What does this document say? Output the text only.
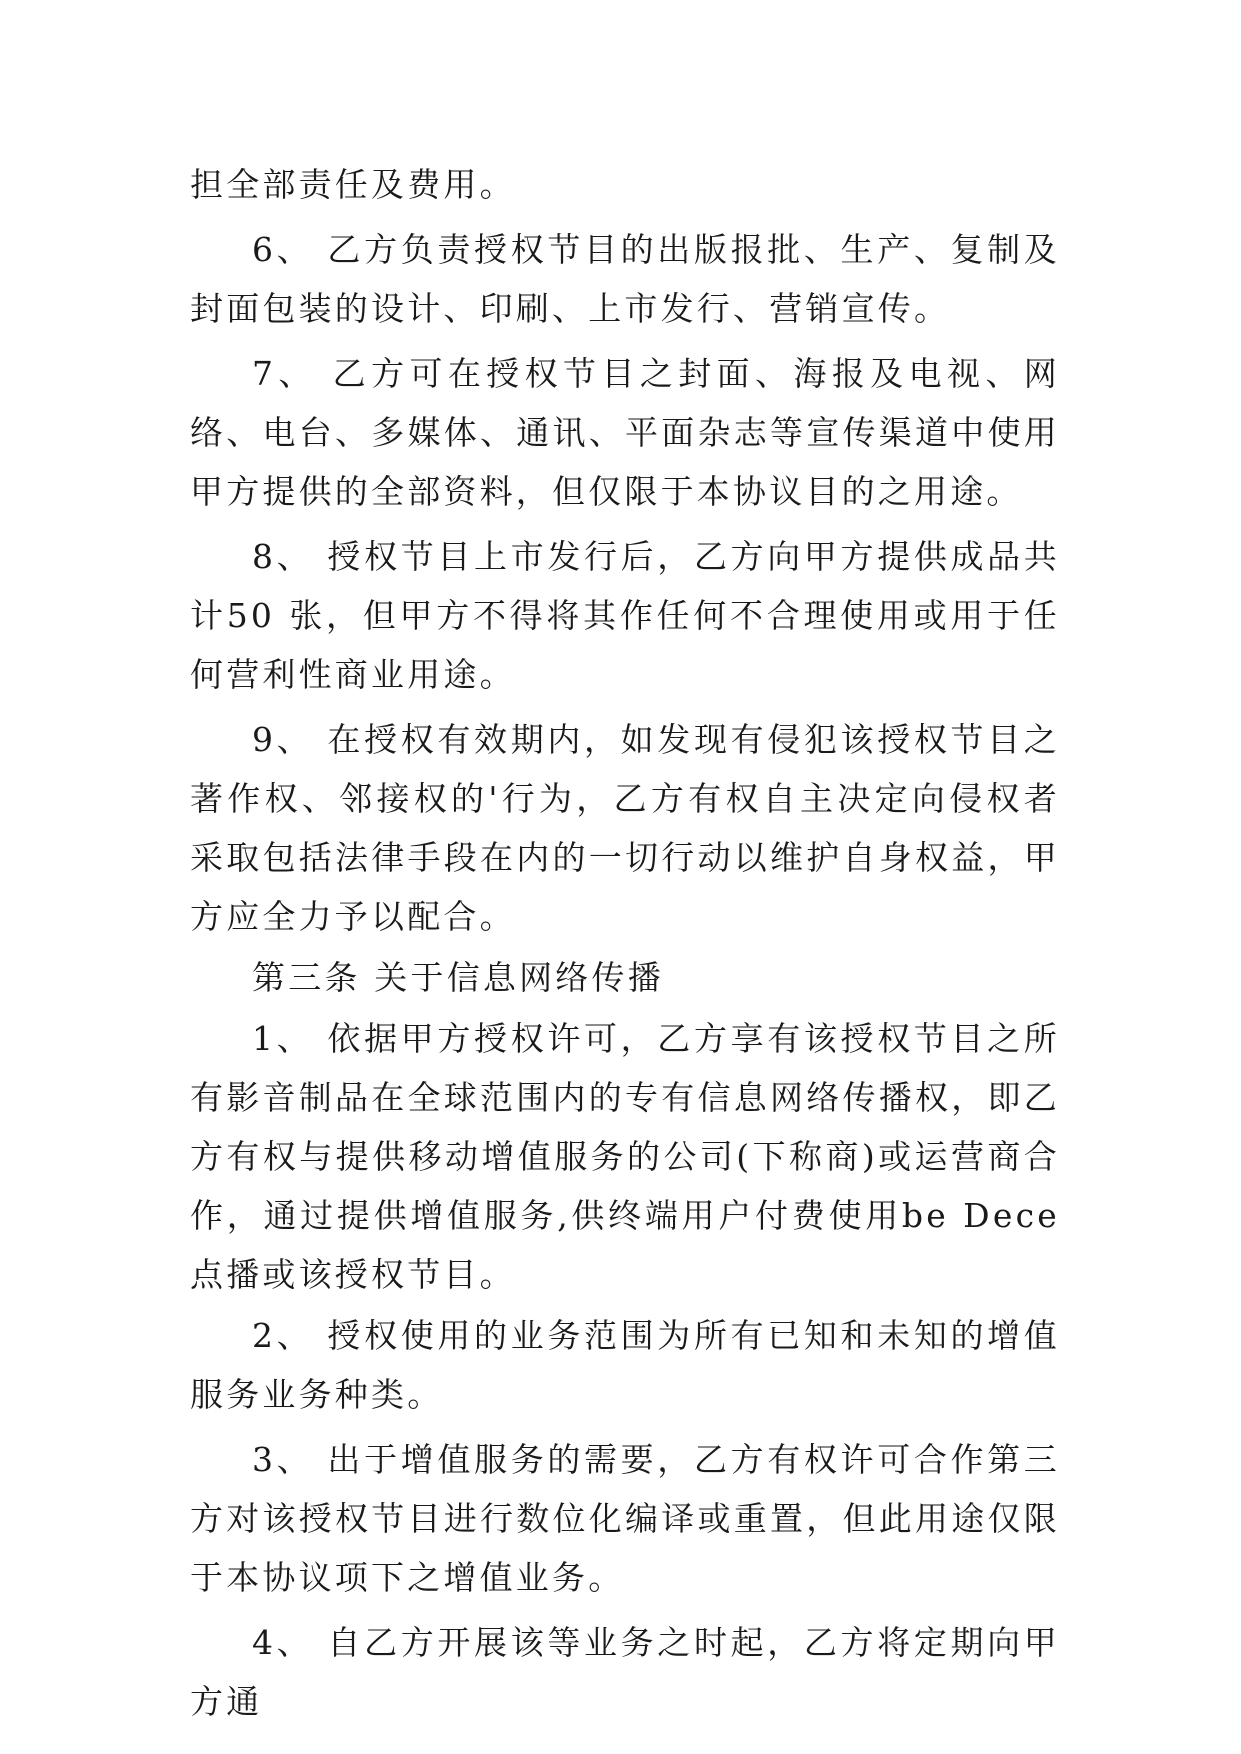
担全部责任及费用。

6、 乙方负责授权节目的出版报批、生产、复制及封面包装的设计、印刷、上市发行、营销宣传。

7、 乙方可在授权节目之封面、海报及电视、网络、电台、多媒体、通讯、平面杂志等宣传渠道中使用甲方提供的全部资料，但仅限于本协议目的之用途。

8、 授权节目上市发行后，乙方向甲方提供成品共计50 张，但甲方不得将其作任何不合理使用或用于任何营利性商业用途。

9、 在授权有效期内，如发现有侵犯该授权节目之著作权、邻接权的'行为，乙方有权自主决定向侵权者采取包括法律手段在内的一切行动以维护自身权益，甲方应全力予以配合。

第三条 关于信息网络传播

1、 依据甲方授权许可，乙方享有该授权节目之所有影音制品在全球范围内的专有信息网络传播权，即乙方有权与提供移动增值服务的公司(下称商)或运营商合作，通过提供增值服务,供终端用户付费使用be Dece点播或该授权节目。

2、 授权使用的业务范围为所有已知和未知的增值服务业务种类。

3、 出于增值服务的需要，乙方有权许可合作第三方对该授权节目进行数位化编译或重置，但此用途仅限于本协议项下之增值业务。

4、 自乙方开展该等业务之时起，乙方将定期向甲方通
